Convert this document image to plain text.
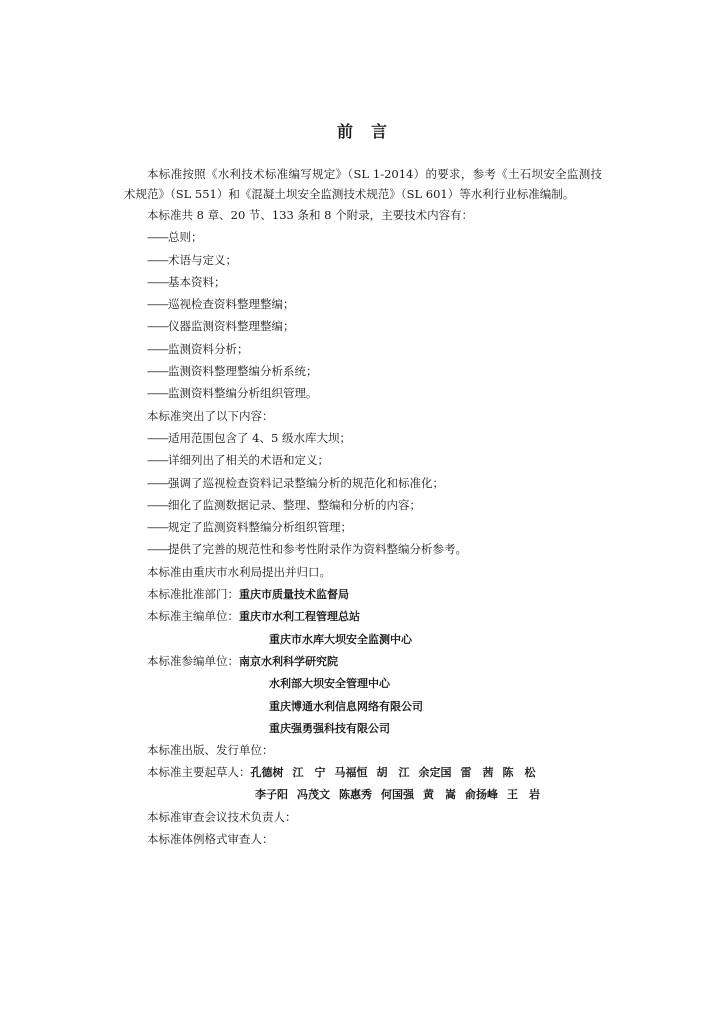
前 言

本标准按照《水利技术标准编写规定》（SL 1-2014）的要求，参考《土石坝安全监测技术规范》（SL 551）和《混凝土坝安全监测技术规范》（SL 601）等水利行业标准编制。

本标准共 8 章、20 节、133 条和 8 个附录，主要技术内容有：
——总则；
——术语与定义；
——基本资料；
——巡视检查资料整理整编；
——仪器监测资料整理整编；
——监测资料分析；
——监测资料整理整编分析系统；
——监测资料整编分析组织管理。
本标准突出了以下内容：
——适用范围包含了 4、5 级水库大坝；
——详细列出了相关的术语和定义；
——强调了巡视检查资料记录整编分析的规范化和标准化；
——细化了监测数据记录、整理、整编和分析的内容；
——规定了监测资料整编分析组织管理；
——提供了完善的规范性和参考性附录作为资料整编分析参考。
本标准由重庆市水利局提出并归口。
本标准批准部门：重庆市质量技术监督局
本标准主编单位：重庆市水利工程管理总站
重庆市水库大坝安全监测中心
本标准参编单位：南京水利科学研究院
水利部大坝安全管理中心
重庆博通水利信息网络有限公司
重庆强勇强科技有限公司
本标准出版、发行单位：
本标准主要起草人：孔德树 江　宁 马福恒 胡　江 余定国 雷　茜 陈　松
李子阳 冯茂文 陈惠秀 何国强 黄　嵩 俞扬峰 王　岩
本标准审查会议技术负责人：
本标准体例格式审查人：
